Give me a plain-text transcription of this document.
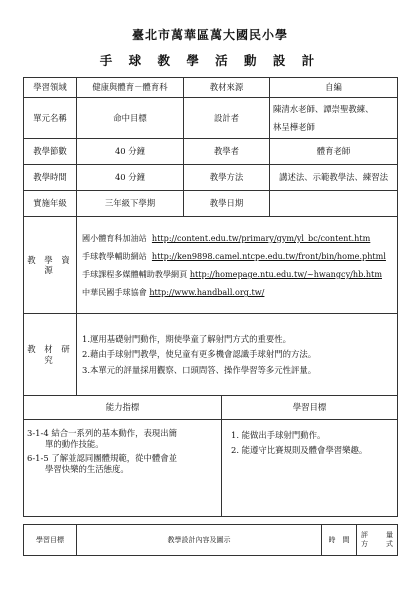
臺北市萬華區萬大國民小學
手 球 教 學 活 動 設 計
學習領域	健康與體育－體育科	教材來源		自編		
單元名稱	命中目標	設計者		陳清水老師、譚崇聖教練、
林呈樺老師		

教學節數	40 分鐘	教學者		體育老師		
教學時間	40 分鐘	教學方法		講述法、示範教學法、練習法		
實施年級	三年級下學期	教學日期				
教 學 資 源	國小體育科加油站 http://content.edu.tw/primary/gym/yl_bc/content.htm
手球教學輔助網站 http://ken9898.camel.ntcpe.edu.tw/front/bin/home.phtml
手球課程多媒體輔助教學網頁 http://homepage.ntu.edu.tw/~hwangcy/hb.htm
中華民國手球協會 http://www.handball.org.tw/					

教 材 研 究	1.運用基礎射門動作，期使學童了解射門方式的重要性。
2.藉由手球射門教學，使兒童有更多機會認識手球射門的方法。
3.本單元的評量採用觀察、口頭問答、操作學習等多元性評量。					

能力指標			學習目標			

3-1-4 結合一系列的基本動作，表現出簡
單的動作技能。
6-1-5 了解並認同團體規範，從中體會並
學習快樂的生活態度。			1. 能做出手球射門動作。
2. 能遵守比賽規則及體會學習樂趣。			

學習目標	教學設計內容及圖示				時　間	評 量
方 式
